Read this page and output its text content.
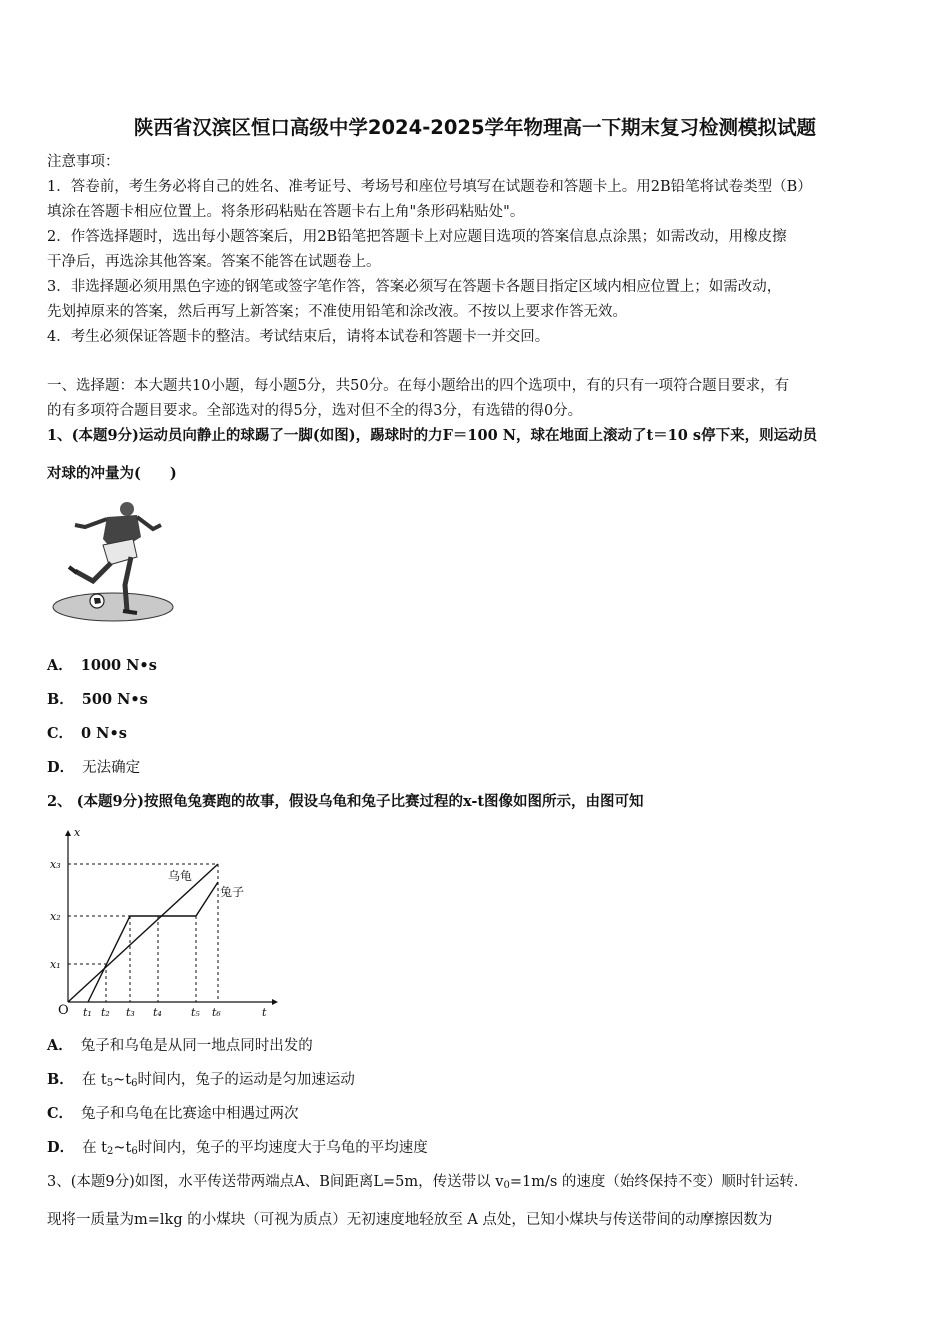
陕西省汉滨区恒口高级中学2024-2025学年物理高一下期末复习检测模拟试题
注意事项：
1．答卷前，考生务必将自己的姓名、准考证号、考场号和座位号填写在试题卷和答题卡上。用2B铅笔将试卷类型（B）
填涂在答题卡相应位置上。将条形码粘贴在答题卡右上角"条形码粘贴处"。
2．作答选择题时，选出每小题答案后，用2B铅笔把答题卡上对应题目选项的答案信息点涂黑；如需改动，用橡皮擦
干净后，再选涂其他答案。答案不能答在试题卷上。
3．非选择题必须用黑色字迹的钢笔或签字笔作答，答案必须写在答题卡各题目指定区域内相应位置上；如需改动，
先划掉原来的答案，然后再写上新答案；不准使用铅笔和涂改液。不按以上要求作答无效。
4．考生必须保证答题卡的整洁。考试结束后，请将本试卷和答题卡一并交回。
一、选择题：本大题共10小题，每小题5分，共50分。在每小题给出的四个选项中，有的只有一项符合题目要求，有
的有多项符合题目要求。全部选对的得5分，选对但不全的得3分，有选错的得0分。
1、(本题9分)运动员向静止的球踢了一脚(如图)，踢球时的力F＝100 N，球在地面上滚动了t＝10 s停下来，则运动员
对球的冲量为(　　)
A． 1000 N•s
B． 500 N•s
C． 0 N•s
D． 无法确定
2、 (本题9分)按照龟兔赛跑的故事，假设乌龟和兔子比赛过程的x-t图像如图所示，由图可知
x
t
O
x₃
x₂
x₁
乌龟
兔子
t₁ t₂ t₃ t₄	t₅ t₆
A． 兔子和乌龟是从同一地点同时出发的
B． 在 $t_5\sim t_6$时间内，兔子的运动是匀加速运动
C． 兔子和乌龟在比赛途中相遇过两次
D． 在 $t_2\sim t_6$时间内，兔子的平均速度大于乌龟的平均速度
3、(本题9分)如图，水平传送带两端点A、B间距离L=5m，传送带以 $v_0=1m/s$ 的速度（始终保持不变）顺时针运转．
现将一质量为m=lkg 的小煤块（可视为质点）无初速度地轻放至 A 点处，已知小煤块与传送带间的动摩擦因数为
